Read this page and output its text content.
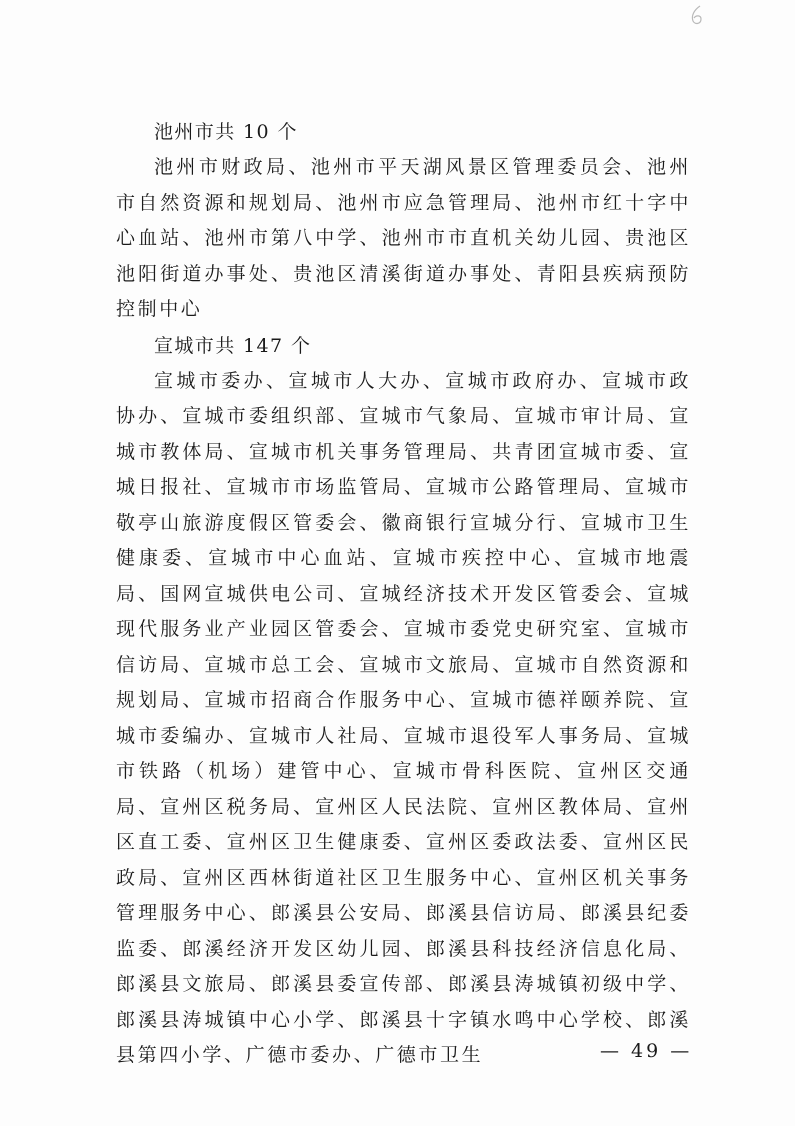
池州市共 10 个

池州市财政局、池州市平天湖风景区管理委员会、池州市自然资源和规划局、池州市应急管理局、池州市红十字中心血站、池州市第八中学、池州市市直机关幼儿园、贵池区池阳街道办事处、贵池区清溪街道办事处、青阳县疾病预防控制中心

宣城市共 147 个

宣城市委办、宣城市人大办、宣城市政府办、宣城市政协办、宣城市委组织部、宣城市气象局、宣城市审计局、宣城市教体局、宣城市机关事务管理局、共青团宣城市委、宣城日报社、宣城市市场监管局、宣城市公路管理局、宣城市敬亭山旅游度假区管委会、徽商银行宣城分行、宣城市卫生健康委、宣城市中心血站、宣城市疾控中心、宣城市地震局、国网宣城供电公司、宣城经济技术开发区管委会、宣城现代服务业产业园区管委会、宣城市委党史研究室、宣城市信访局、宣城市总工会、宣城市文旅局、宣城市自然资源和规划局、宣城市招商合作服务中心、宣城市德祥颐养院、宣城市委编办、宣城市人社局、宣城市退役军人事务局、宣城市铁路（机场）建管中心、宣城市骨科医院、宣州区交通局、宣州区税务局、宣州区人民法院、宣州区教体局、宣州区直工委、宣州区卫生健康委、宣州区委政法委、宣州区民政局、宣州区西林街道社区卫生服务中心、宣州区机关事务管理服务中心、郎溪县公安局、郎溪县信访局、郎溪县纪委监委、郎溪经济开发区幼儿园、郎溪县科技经济信息化局、郎溪县文旅局、郎溪县委宣传部、郎溪县涛城镇初级中学、郎溪县涛城镇中心小学、郎溪县十字镇水鸣中心学校、郎溪县第四小学、广德市委办、广德市卫生	— 49 —
